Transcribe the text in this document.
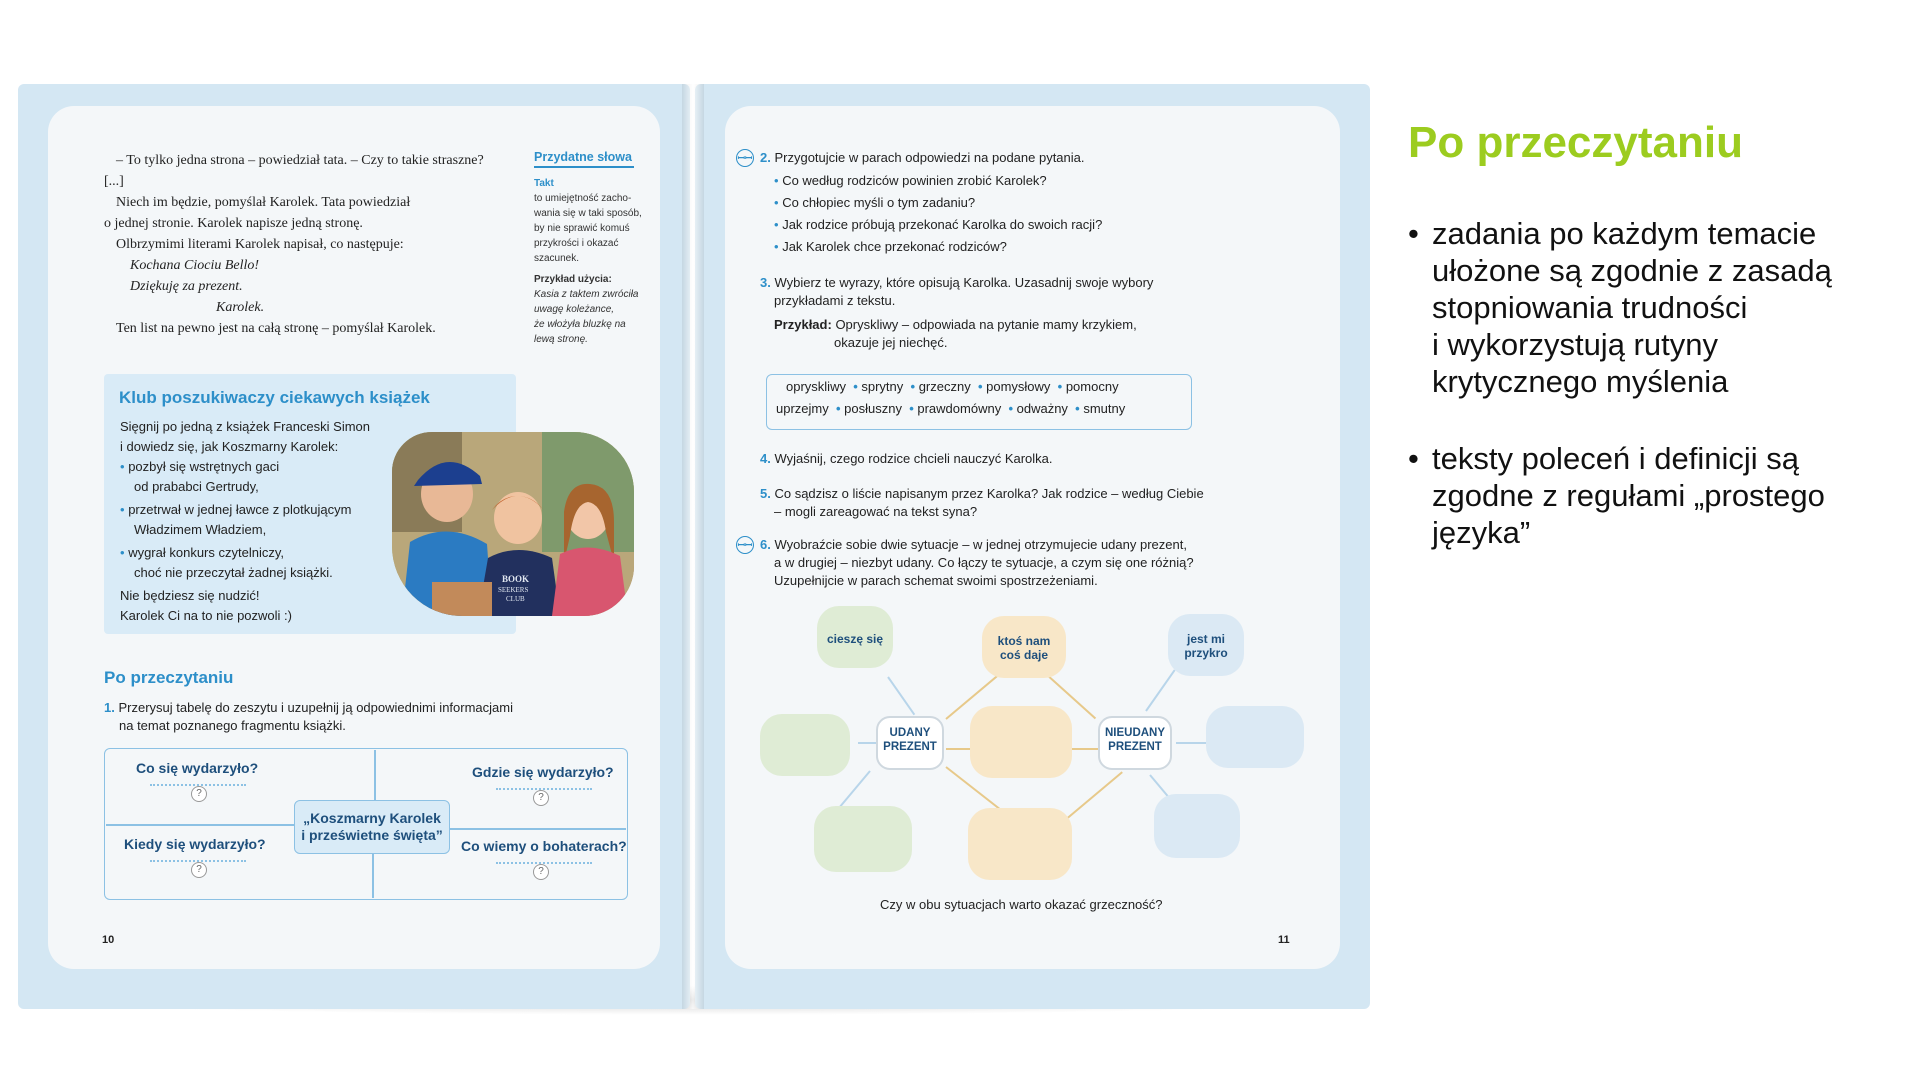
– To tylko jedna strona – powiedział tata. – Czy to takie straszne?
[...]
Niech im będzie, pomyślał Karolek. Tata powiedział
o jednej stronie. Karolek napisze jedną stronę.
Olbrzymimi literami Karolek napisał, co następuje:
Kochana Ciociu Bello!
Dziękuję za prezent.
Karolek.
Ten list na pewno jest na całą stronę – pomyślał Karolek.
Przydatne słowa
Takt
to umiejętność zacho-
wania się w taki sposób,
by nie sprawić komuś
przykrości i okazać
szacunek.
Przykład użycia:
Kasia z taktem zwróciła
uwagę koleżance,
że włożyła bluzkę na
lewą stronę.
Klub poszukiwaczy ciekawych książek
Sięgnij po jedną z książek Franceski Simon
i dowiedz się, jak Koszmarny Karolek:
• pozbył się wstrętnych gaci
od prababci Gertrudy,
• przetrwał w jednej ławce z plotkującym
Władzimem Władziem,
• wygrał konkurs czytelniczy,
choć nie przeczytał żadnej książki.
Nie będziesz się nudzić!
Karolek Ci na to nie pozwoli :)
BOOK
SEEKERS
CLUB
Po przeczytaniu
1. Przerysuj tabelę do zeszytu i uzupełnij ją odpowiednimi informacjami
na temat poznanego fragmentu książki.
Co się wydarzyło?
?
Gdzie się wydarzyło?
?
Kiedy się wydarzyło?
?
Co wiemy o bohaterach?
?
„Koszmarny Karolek
i prześwietne święta”
10
ꟷꟷ 2. Przygotujcie w parach odpowiedzi na podane pytania.
• Co według rodziców powinien zrobić Karolek?
• Co chłopiec myśli o tym zadaniu?
• Jak rodzice próbują przekonać Karolka do swoich racji?
• Jak Karolek chce przekonać rodziców?
3. Wybierz te wyrazy, które opisują Karolka. Uzasadnij swoje wybory
przykładami z tekstu.
Przykład: Opryskliwy – odpowiada na pytanie mamy krzykiem,
okazuje jej niechęć.
opryskliwy  • sprytny  • grzeczny  • pomysłowy  • pomocny
uprzejmy  • posłuszny  • prawdomówny  • odważny  • smutny
4. Wyjaśnij, czego rodzice chcieli nauczyć Karolka.
5. Co sądzisz o liście napisanym przez Karolka? Jak rodzice – według Ciebie
– mogli zareagować na tekst syna?
ꟷꟷ 6. Wyobraźcie sobie dwie sytuacje – w jednej otrzymujecie udany prezent,
a w drugiej – niezbyt udany. Co łączy te sytuacje, a czym się one różnią?
Uzupełnijcie w parach schemat swoimi spostrzeżeniami.
cieszę się	ktoś nam
coś daje
jest mi
przykro
UDANY
PREZENT
NIEUDANY
PREZENT
Czy w obu sytuacjach warto okazać grzeczność?
11
Po przeczytaniu
• zadania po każdym temacie
ułożone są zgodnie z zasadą
stopniowania trudności
i wykorzystują rutyny
krytycznego myślenia
• teksty poleceń i definicji są
zgodne z regułami „prostego
języka”
